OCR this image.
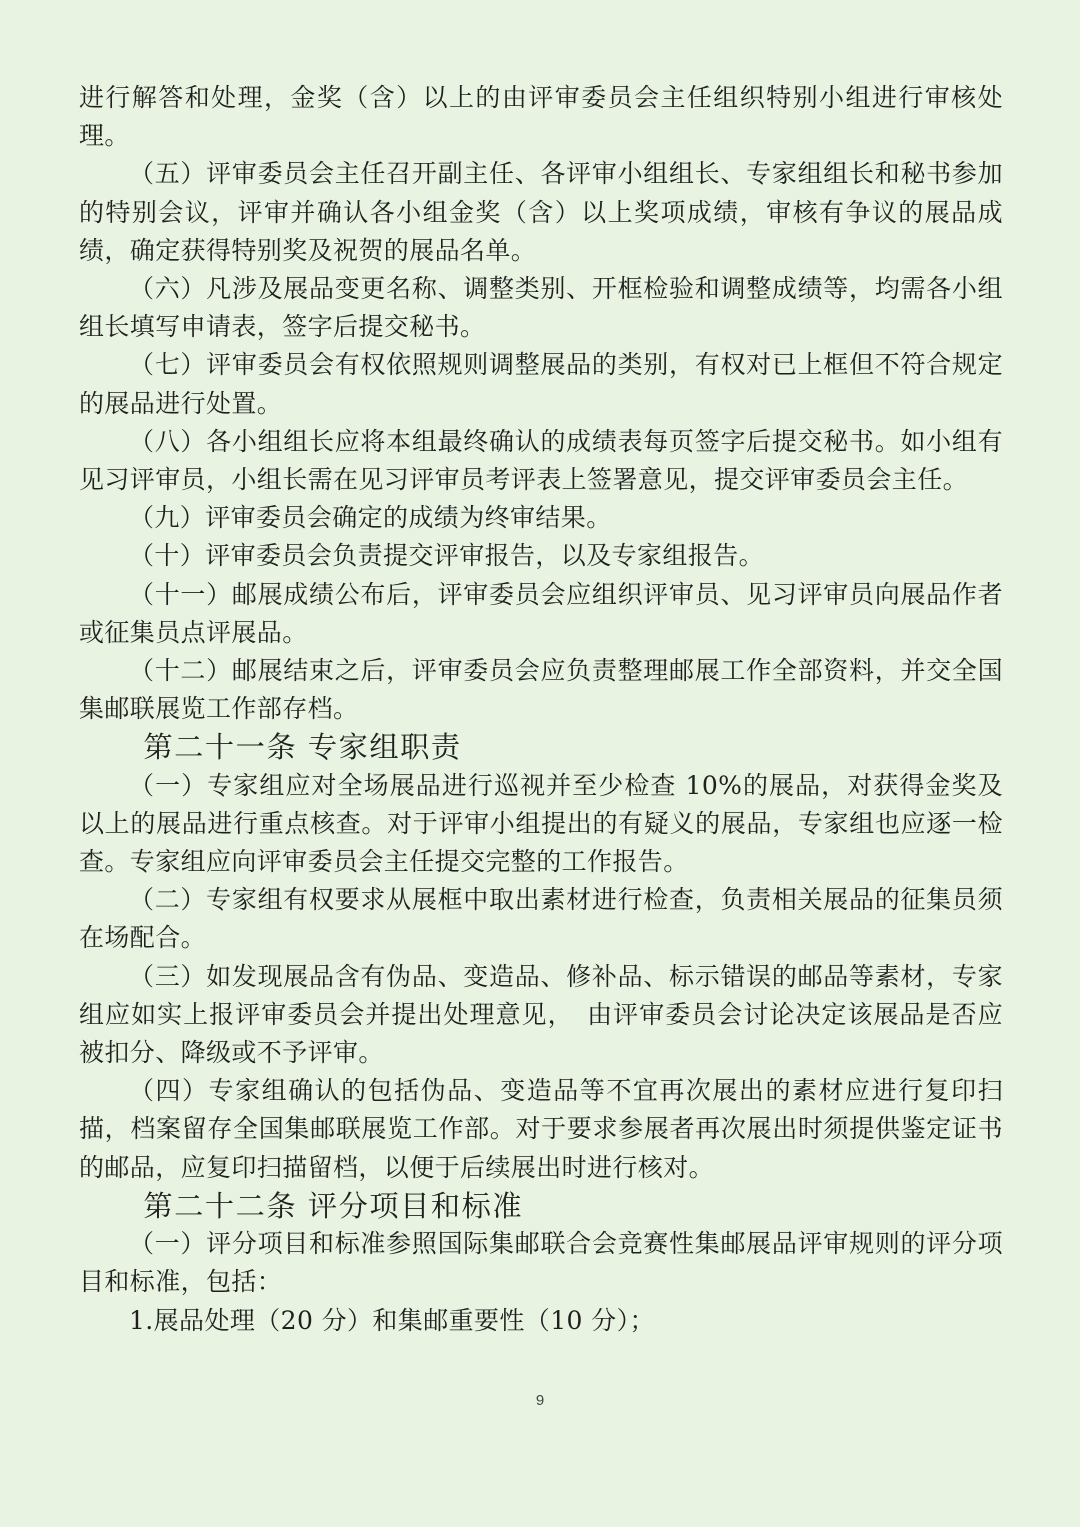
进行解答和处理，金奖（含）以上的由评审委员会主任组织特别小组进行审核处理。

（五）评审委员会主任召开副主任、各评审小组组长、专家组组长和秘书参加的特别会议，评审并确认各小组金奖（含）以上奖项成绩，审核有争议的展品成绩，确定获得特别奖及祝贺的展品名单。

（六）凡涉及展品变更名称、调整类别、开框检验和调整成绩等，均需各小组组长填写申请表，签字后提交秘书。

（七）评审委员会有权依照规则调整展品的类别，有权对已上框但不符合规定的展品进行处置。

（八）各小组组长应将本组最终确认的成绩表每页签字后提交秘书。如小组有见习评审员，小组长需在见习评审员考评表上签署意见，提交评审委员会主任。

（九）评审委员会确定的成绩为终审结果。

（十）评审委员会负责提交评审报告，以及专家组报告。

（十一）邮展成绩公布后，评审委员会应组织评审员、见习评审员向展品作者或征集员点评展品。

（十二）邮展结束之后，评审委员会应负责整理邮展工作全部资料，并交全国集邮联展览工作部存档。

第二十一条 专家组职责

（一）专家组应对全场展品进行巡视并至少检查 10%的展品，对获得金奖及以上的展品进行重点核查。对于评审小组提出的有疑义的展品，专家组也应逐一检查。专家组应向评审委员会主任提交完整的工作报告。

（二）专家组有权要求从展框中取出素材进行检查，负责相关展品的征集员须在场配合。

（三）如发现展品含有伪品、变造品、修补品、标示错误的邮品等素材，专家组应如实上报评审委员会并提出处理意见，　由评审委员会讨论决定该展品是否应被扣分、降级或不予评审。

（四）专家组确认的包括伪品、变造品等不宜再次展出的素材应进行复印扫描，档案留存全国集邮联展览工作部。对于要求参展者再次展出时须提供鉴定证书的邮品，应复印扫描留档，以便于后续展出时进行核对。

第二十二条 评分项目和标准

（一）评分项目和标准参照国际集邮联合会竞赛性集邮展品评审规则的评分项目和标准，包括：

1.展品处理（20 分）和集邮重要性（10 分）；

9
